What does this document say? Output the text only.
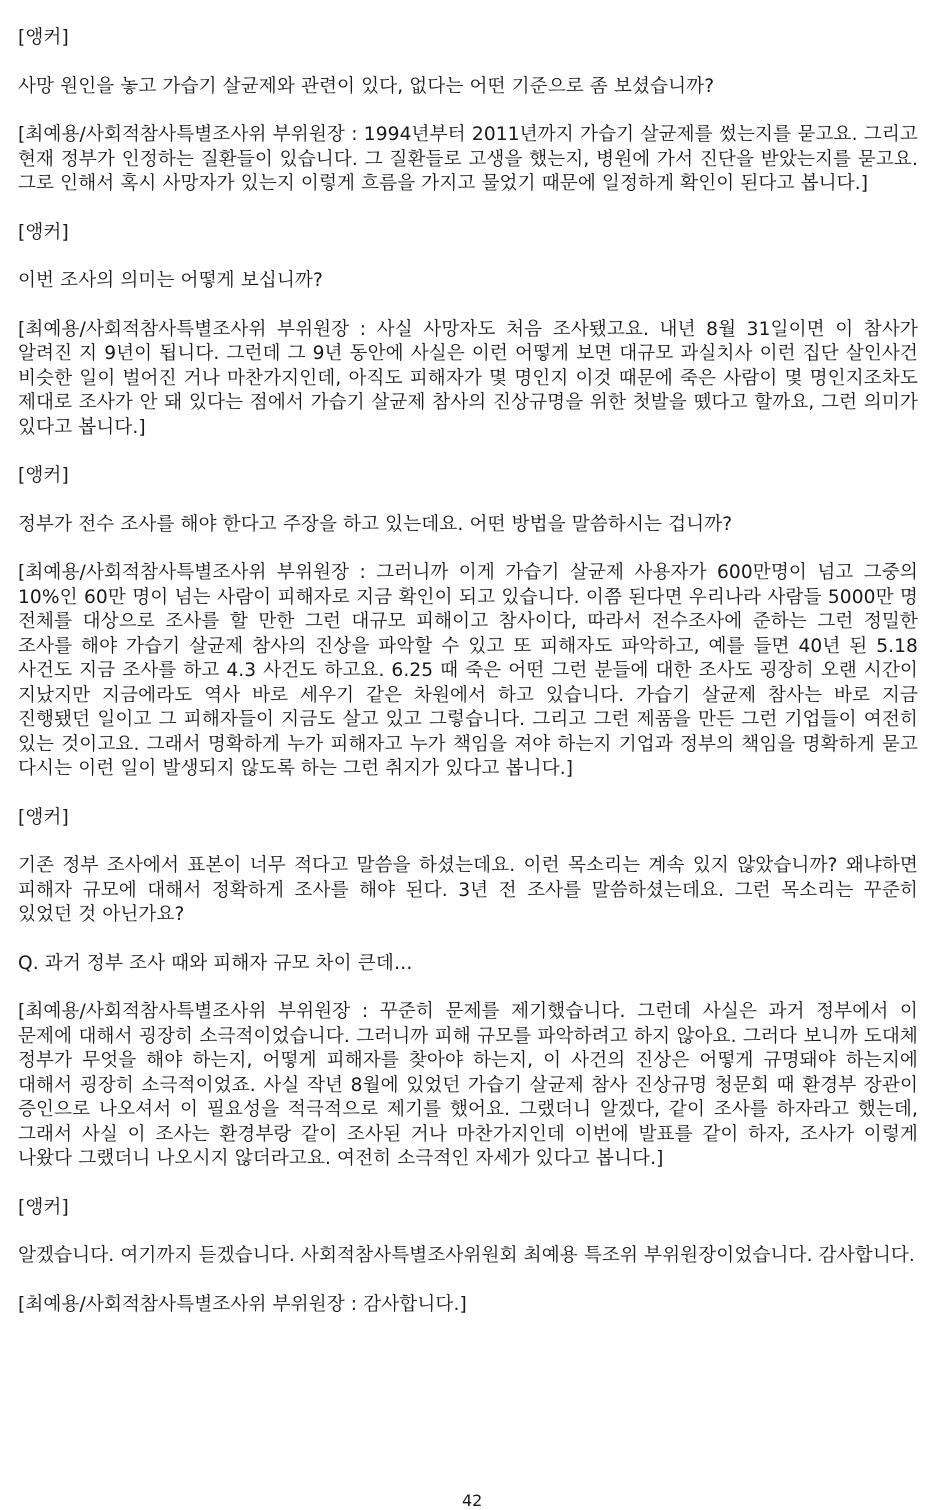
[앵커]
사망 원인을 놓고 가습기 살균제와 관련이 있다, 없다는 어떤 기준으로 좀 보셨습니까?
[최예용/사회적참사특별조사위 부위원장 : 1994년부터 2011년까지 가습기 살균제를 썼는지를 묻고요. 그리고 현재 정부가 인정하는 질환들이 있습니다. 그 질환들로 고생을 했는지, 병원에 가서 진단을 받았는지를 묻고요. 그로 인해서 혹시 사망자가 있는지 이렇게 흐름을 가지고 물었기 때문에 일정하게 확인이 된다고 봅니다.]
[앵커]
이번 조사의 의미는 어떻게 보십니까?
[최예용/사회적참사특별조사위 부위원장 : 사실 사망자도 처음 조사됐고요. 내년 8월 31일이면 이 참사가 알려진 지 9년이 됩니다. 그런데 그 9년 동안에 사실은 이런 어떻게 보면 대규모 과실치사 이런 집단 살인사건 비슷한 일이 벌어진 거나 마찬가지인데, 아직도 피해자가 몇 명인지 이것 때문에 죽은 사람이 몇 명인지조차도 제대로 조사가 안 돼 있다는 점에서 가습기 살균제 참사의 진상규명을 위한 첫발을 뗐다고 할까요, 그런 의미가 있다고 봅니다.]
[앵커]
정부가 전수 조사를 해야 한다고 주장을 하고 있는데요. 어떤 방법을 말씀하시는 겁니까?
[최예용/사회적참사특별조사위 부위원장 : 그러니까 이게 가습기 살균제 사용자가 600만명이 넘고 그중의 10%인 60만 명이 넘는 사람이 피해자로 지금 확인이 되고 있습니다. 이쯤 된다면 우리나라 사람들 5000만 명 전체를 대상으로 조사를 할 만한 그런 대규모 피해이고 참사이다, 따라서 전수조사에 준하는 그런 정밀한 조사를 해야 가습기 살균제 참사의 진상을 파악할 수 있고 또 피해자도 파악하고, 예를 들면 40년 된 5.18 사건도 지금 조사를 하고 4.3 사건도 하고요. 6.25 때 죽은 어떤 그런 분들에 대한 조사도 굉장히 오랜 시간이 지났지만 지금에라도 역사 바로 세우기 같은 차원에서 하고 있습니다. 가습기 살균제 참사는 바로 지금 진행됐던 일이고 그 피해자들이 지금도 살고 있고 그렇습니다. 그리고 그런 제품을 만든 그런 기업들이 여전히 있는 것이고요. 그래서 명확하게 누가 피해자고 누가 책임을 져야 하는지 기업과 정부의 책임을 명확하게 묻고 다시는 이런 일이 발생되지 않도록 하는 그런 취지가 있다고 봅니다.]
[앵커]
기존 정부 조사에서 표본이 너무 적다고 말씀을 하셨는데요. 이런 목소리는 계속 있지 않았습니까? 왜냐하면 피해자 규모에 대해서 정확하게 조사를 해야 된다. 3년 전 조사를 말씀하셨는데요. 그런 목소리는 꾸준히 있었던 것 아닌가요?
Q. 과거 정부 조사 때와 피해자 규모 차이 큰데…
[최예용/사회적참사특별조사위 부위원장 : 꾸준히 문제를 제기했습니다. 그런데 사실은 과거 정부에서 이 문제에 대해서 굉장히 소극적이었습니다. 그러니까 피해 규모를 파악하려고 하지 않아요. 그러다 보니까 도대체 정부가 무엇을 해야 하는지, 어떻게 피해자를 찾아야 하는지, 이 사건의 진상은 어떻게 규명돼야 하는지에 대해서 굉장히 소극적이었죠. 사실 작년 8월에 있었던 가습기 살균제 참사 진상규명 청문회 때 환경부 장관이 증인으로 나오셔서 이 필요성을 적극적으로 제기를 했어요. 그랬더니 알겠다, 같이 조사를 하자라고 했는데, 그래서 사실 이 조사는 환경부랑 같이 조사된 거나 마찬가지인데 이번에 발표를 같이 하자, 조사가 이렇게 나왔다 그랬더니 나오시지 않더라고요. 여전히 소극적인 자세가 있다고 봅니다.]
[앵커]
알겠습니다. 여기까지 듣겠습니다. 사회적참사특별조사위원회 최예용 특조위 부위원장이었습니다. 감사합니다.
[최예용/사회적참사특별조사위 부위원장 : 감사합니다.]
42
